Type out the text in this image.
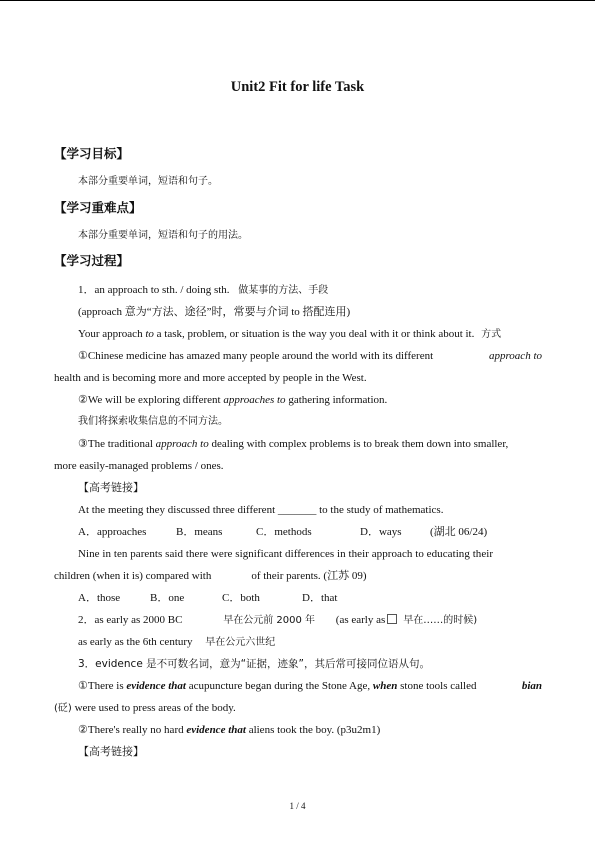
Unit2 Fit for life Task
【学习目标】
本部分重要单词，短语和句子。
【学习重难点】
本部分重要单词，短语和句子的用法。
【学习过程】
1．an approach to sth. / doing sth. 做某事的方法、手段
(approach 意为“方法、途径”时，常要与介词 to 搭配连用)
Your approach to a task, problem, or situation is the way you deal with it or think about it. 方式
①Chinese medicine has amazed many people around the world with its different	approach to
health and is becoming more and more accepted by people in the West.
②We will be exploring different approaches to gathering information.
我们将探索收集信息的不同方法。
③The traditional approach to dealing with complex problems is to break them down into smaller,
more easily-managed problems / ones.
【高考链接】
At the meeting they discussed three different _______ to the study of mathematics.
A．approaches	B．means	C．methods	D．ways	(湖北 06/24)
Nine in ten parents said there were significant differences in their approach to educating their
children (when it is) compared with	of their parents. (江苏 09)
A．those	B．one	C．both	D．that
2．as early as 2000 BC	早在公元前 2000 年 (as early as 早在……的时候)
as early as the 6th century 早在公元六世纪
3．evidence 是不可数名词，意为“证据，迹象”，其后常可接同位语从句。
①There is evidence that acupuncture began during the Stone Age, when stone tools called	bian
(砭) were used to press areas of the body.
②There's really no hard evidence that aliens took the boy. (p3u2m1)
【高考链接】
1 / 4
